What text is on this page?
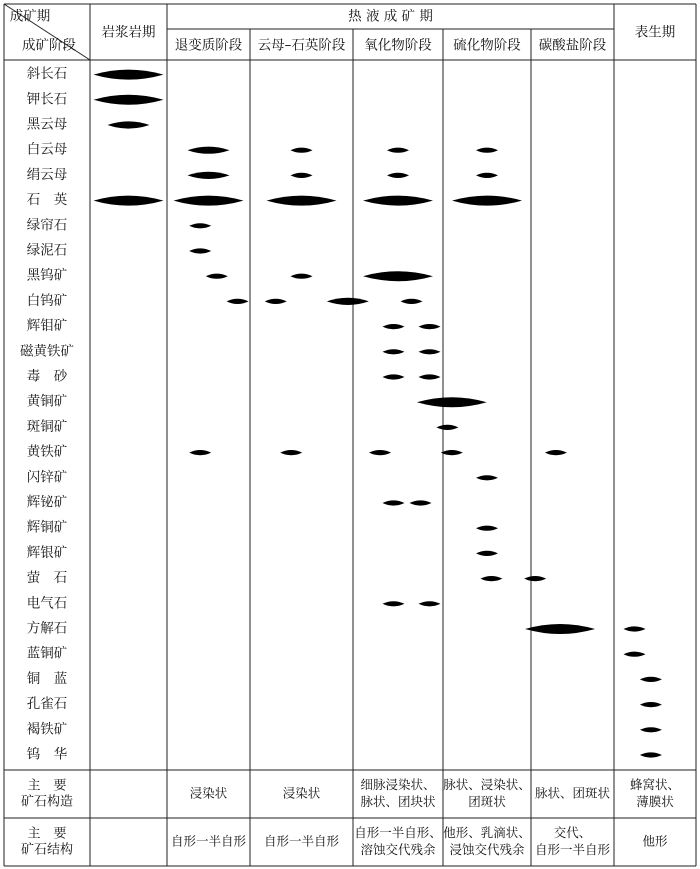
成矿期
成矿阶段
岩浆岩期
热 液 成 矿 期
表生期
退变质阶段 云母–石英阶段 氧化物阶段 硫化物阶段 碳酸盐阶段
斜长石
钾长石
黑云母
白云母
绢云母
石　英
绿帘石
绿泥石
黑钨矿
白钨矿
辉钼矿
磁黄铁矿
毒　砂
黄铜矿
斑铜矿
黄铁矿
闪锌矿
辉铋矿
辉铜矿
辉银矿
萤　石
电气石
方解石
蓝铜矿
铜　蓝
孔雀石
褐铁矿
钨　华
主　要
矿石构造
浸染状	浸染状
细脉浸染状、
脉状、团块状
脉状、浸染状、
团斑状
脉状、团斑状
蜂窝状、
薄膜状
主　要
矿石结构
自形一半自形 自形一半自形
自形一半自形、
溶蚀交代残余
他形、乳滴状、
浸蚀交代残余
交代、
自形一半自形
他形
